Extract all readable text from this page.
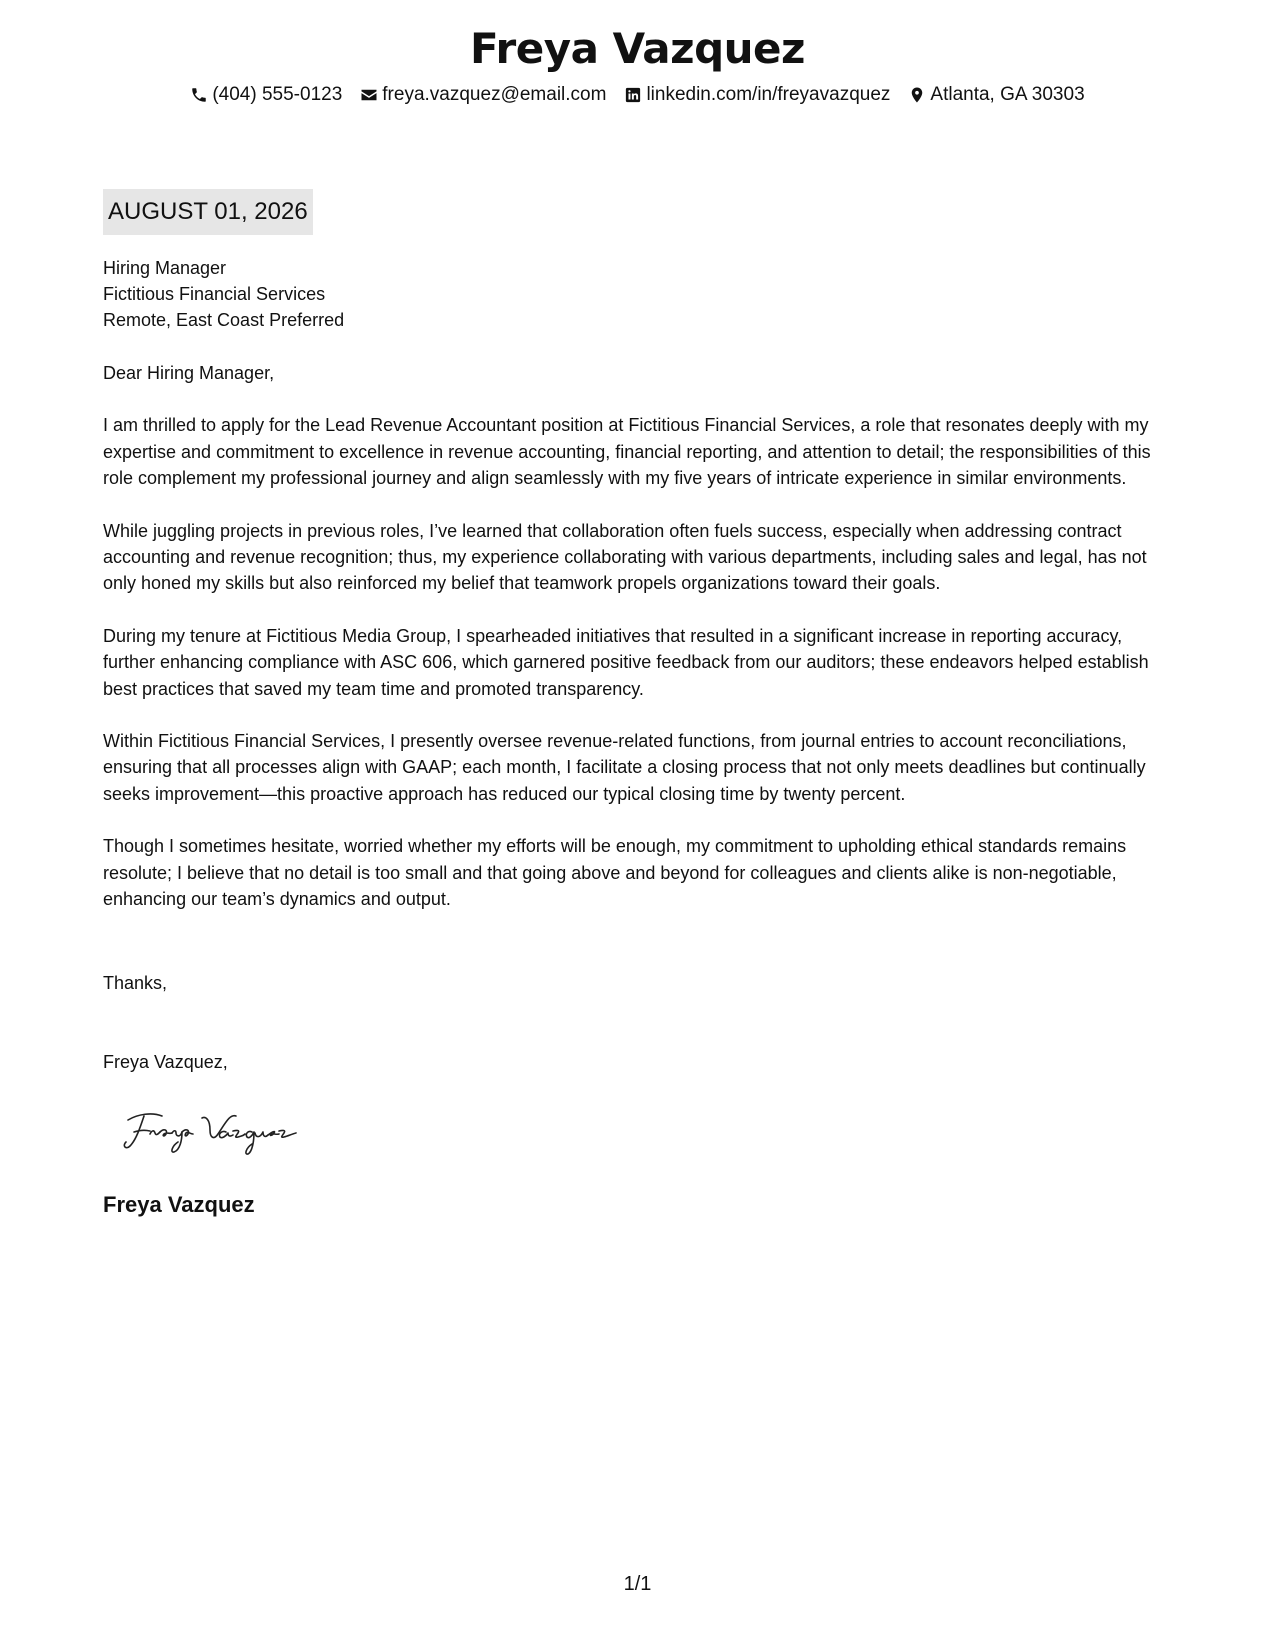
Freya Vazquez
(404) 555-0123 freya.vazquez@email.com linkedin.com/in/freyavazquez Atlanta, GA 30303
AUGUST 01, 2026
Hiring Manager
Fictitious Financial Services
Remote, East Coast Preferred

Dear Hiring Manager,

I am thrilled to apply for the Lead Revenue Accountant position at Fictitious Financial Services, a role that resonates deeply with my expertise and commitment to excellence in revenue accounting, financial reporting, and attention to detail; the responsibilities of this role complement my professional journey and align seamlessly with my five years of intricate experience in similar environments.

While juggling projects in previous roles, I’ve learned that collaboration often fuels success, especially when addressing contract accounting and revenue recognition; thus, my experience collaborating with various departments, including sales and legal, has not only honed my skills but also reinforced my belief that teamwork propels organizations toward their goals.

During my tenure at Fictitious Media Group, I spearheaded initiatives that resulted in a significant increase in reporting accuracy, further enhancing compliance with ASC 606, which garnered positive feedback from our auditors; these endeavors helped establish best practices that saved my team time and promoted transparency.

Within Fictitious Financial Services, I presently oversee revenue-related functions, from journal entries to account reconciliations, ensuring that all processes align with GAAP; each month, I facilitate a closing process that not only meets deadlines but continually seeks improvement—this proactive approach has reduced our typical closing time by twenty percent.

Though I sometimes hesitate, worried whether my efforts will be enough, my commitment to upholding ethical standards remains resolute; I believe that no detail is too small and that going above and beyond for colleagues and clients alike is non-negotiable, enhancing our team’s dynamics and output.

Thanks,
Freya Vazquez,
Freya Vazquez
1/1
